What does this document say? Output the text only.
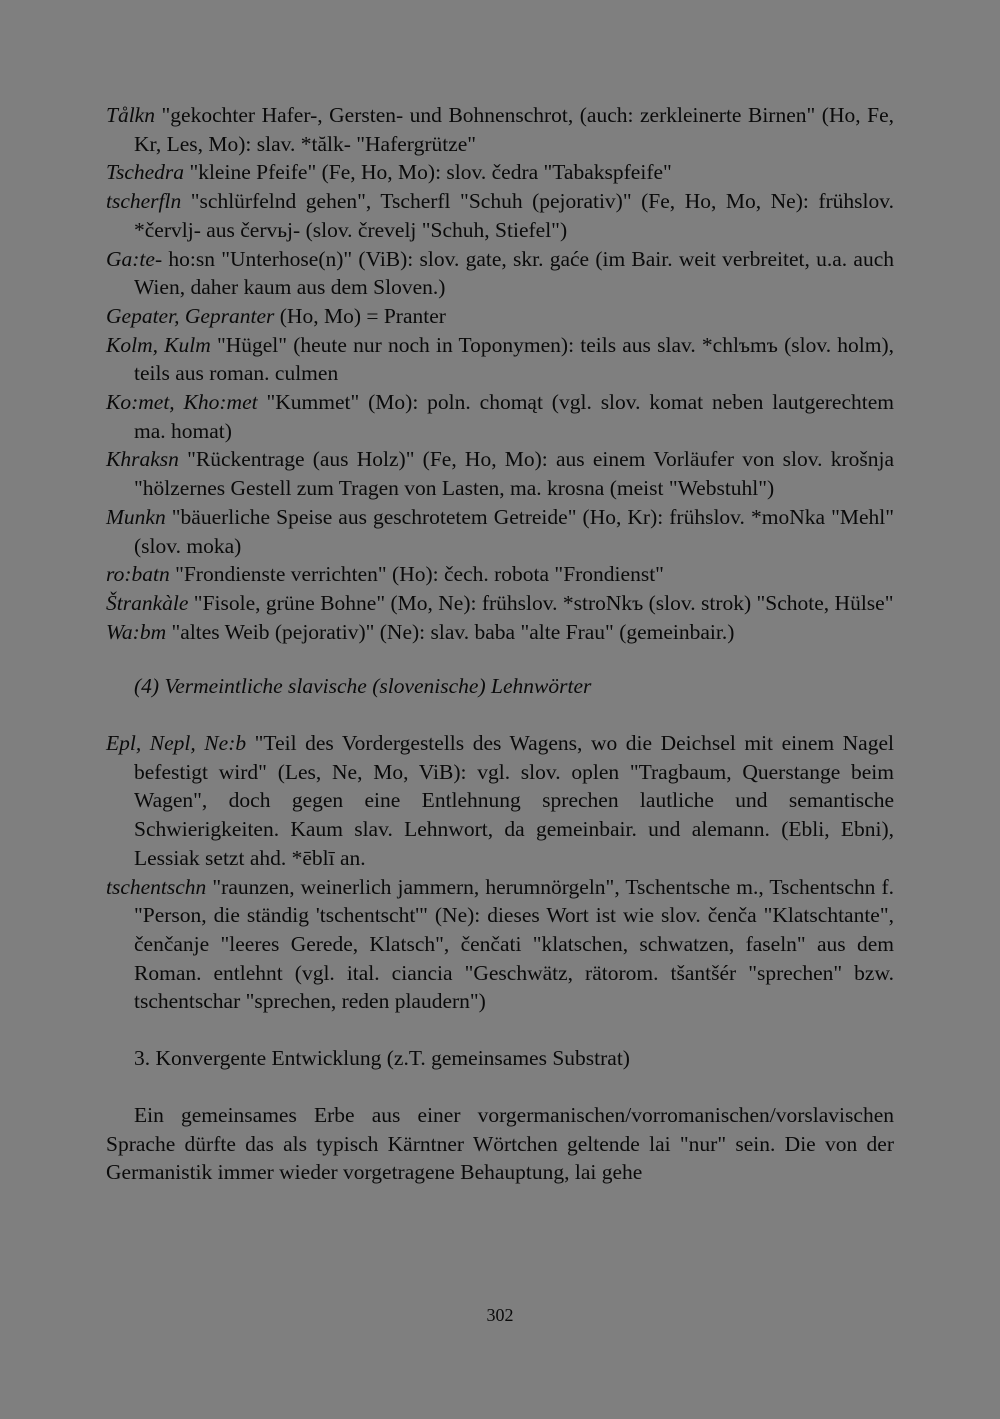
Tålkn "gekochter Hafer-, Gersten- und Bohnenschrot, (auch: zerkleinerte Birnen" (Ho, Fe, Kr, Les, Mo): slav. *tălk- "Hafergrütze"
Tschedra "kleine Pfeife" (Fe, Ho, Mo): slov. čedra "Tabakspfeife"
tscherfln "schlürfelnd gehen", Tscherfl "Schuh (pejorativ)" (Fe, Ho, Mo, Ne): frühslov. *červlj- aus červьj- (slov. črevelj "Schuh, Stiefel")
Ga:te- ho:sn "Unterhose(n)" (ViB): slov. gate, skr. gaće (im Bair. weit verbreitet, u.a. auch Wien, daher kaum aus dem Sloven.)
Gepater, Gepranter (Ho, Mo) = Pranter
Kolm, Kulm "Hügel" (heute nur noch in Toponymen): teils aus slav. *chlъmъ (slov. holm), teils aus roman. culmen
Ko:met, Kho:met "Kummet" (Mo): poln. chomąt (vgl. slov. komat neben lautgerechtem ma. homat)
Khraksn "Rückentrage (aus Holz)" (Fe, Ho, Mo): aus einem Vorläufer von slov. krošnja "hölzernes Gestell zum Tragen von Lasten, ma. krosna (meist "Webstuhl")
Munkn "bäuerliche Speise aus geschrotetem Getreide" (Ho, Kr): frühslov. *moNka "Mehl" (slov. moka)
ro:batn "Frondienste verrichten" (Ho): čech. robota "Frondienst"
Štrankàle "Fisole, grüne Bohne" (Mo, Ne): frühslov. *stroNkъ (slov. strok) "Schote, Hülse"
Wa:bm "altes Weib (pejorativ)" (Ne): slav. baba "alte Frau" (gemeinbair.)
(4) Vermeintliche slavische (slovenische) Lehnwörter
Epl, Nepl, Ne:b "Teil des Vordergestells des Wagens, wo die Deichsel mit einem Nagel befestigt wird" (Les, Ne, Mo, ViB): vgl. slov. oplen "Tragbaum, Querstange beim Wagen", doch gegen eine Entlehnung sprechen lautliche und semantische Schwierigkeiten. Kaum slav. Lehnwort, da gemeinbair. und alemann. (Ebli, Ebni), Lessiak setzt ahd. *ēblī an.
tschentschn "raunzen, weinerlich jammern, herumnörgeln", Tschentsche m., Tschentschn f. "Person, die ständig 'tschentscht'" (Ne): dieses Wort ist wie slov. čenča "Klatschtante", čenčanje "leeres Gerede, Klatsch", čenčati "klatschen, schwatzen, faseln" aus dem Roman. entlehnt (vgl. ital. ciancia "Geschwätz, rätorom. tšantšér "sprechen" bzw. tschentschar "sprechen, reden plaudern")
3. Konvergente Entwicklung (z.T. gemeinsames Substrat)
Ein gemeinsames Erbe aus einer vorgermanischen/vorromanischen/vorslavischen Sprache dürfte das als typisch Kärntner Wörtchen geltende lai "nur" sein. Die von der Germanistik immer wieder vorgetragene Behauptung, lai gehe
302
